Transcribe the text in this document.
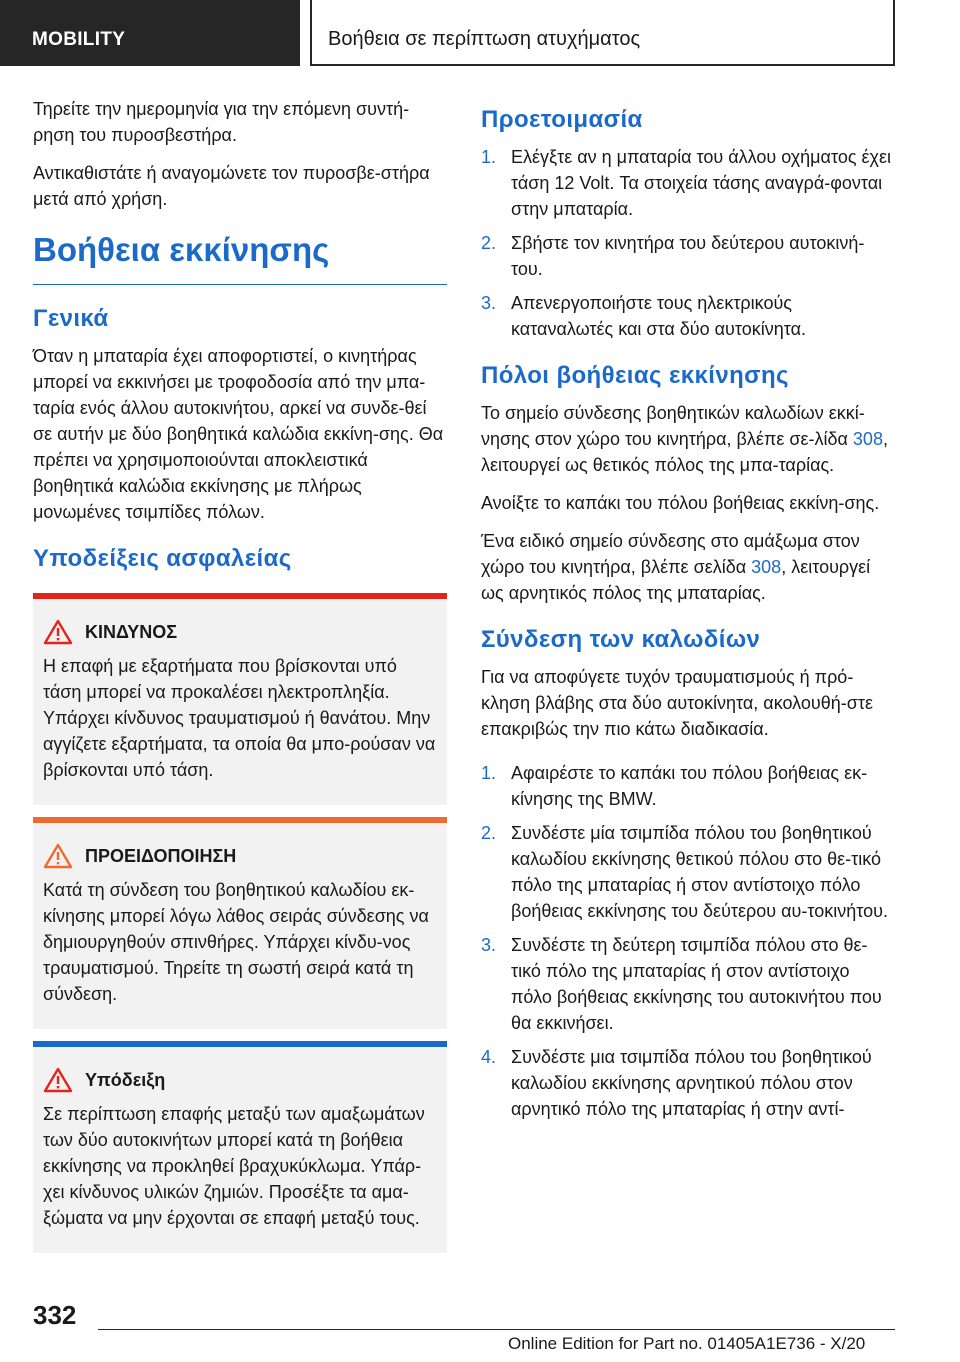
MOBILITY	Βοήθεια σε περίπτωση ατυχήματος

Τηρείτε την ημερομηνία για την επόμενη συντή-ρηση του πυροσβεστήρα.

Αντικαθιστάτε ή αναγομώνετε τον πυροσβε-στήρα μετά από χρήση.

Βοήθεια εκκίνησης
Γενικά

Όταν η μπαταρία έχει αποφορτιστεί, ο κινητήρας μπορεί να εκκινήσει με τροφοδοσία από την μπα-ταρία ενός άλλου αυτοκινήτου, αρκεί να συνδε-θεί σε αυτήν με δύο βοηθητικά καλώδια εκκίνη-σης. Θα πρέπει να χρησιμοποιούνται αποκλειστικά βοηθητικά καλώδια εκκίνησης με πλήρως μονωμένες τσιμπίδες πόλων.

Υποδείξεις ασφαλείας
ΚΙΝΔΥΝΟΣ

Η επαφή με εξαρτήματα που βρίσκονται υπό τάση μπορεί να προκαλέσει ηλεκτροπληξία. Υπάρχει κίνδυνος τραυματισμού ή θανάτου. Μην αγγίζετε εξαρτήματα, τα οποία θα μπο-ρούσαν να βρίσκονται υπό τάση.

ΠΡΟΕΙΔΟΠΟΙΗΣΗ

Κατά τη σύνδεση του βοηθητικού καλωδίου εκ-κίνησης μπορεί λόγω λάθος σειράς σύνδεσης να δημιουργηθούν σπινθήρες. Υπάρχει κίνδυ-νος τραυματισμού. Τηρείτε τη σωστή σειρά κατά τη σύνδεση.

Υπόδειξη

Σε περίπτωση επαφής μεταξύ των αμαξωμάτων των δύο αυτοκινήτων μπορεί κατά τη βοήθεια εκκίνησης να προκληθεί βραχυκύκλωμα. Υπάρ-χει κίνδυνος υλικών ζημιών. Προσέξτε τα αμα-ξώματα να μην έρχονται σε επαφή μεταξύ τους.

Προετοιμασία
1. Ελέγξτε αν η μπαταρία του άλλου οχήματος έχει τάση 12 Volt. Τα στοιχεία τάσης αναγρά-φονται στην μπαταρία.
2. Σβήστε τον κινητήρα του δεύτερου αυτοκινή-του.
3. Απενεργοποιήστε τους ηλεκτρικούς καταναλωτές και στα δύο αυτοκίνητα.
Πόλοι βοήθειας εκκίνησης

Το σημείο σύνδεσης βοηθητικών καλωδίων εκκί-νησης στον χώρο του κινητήρα, βλέπε σε-λίδα 308, λειτουργεί ως θετικός πόλος της μπα-ταρίας.

Ανοίξτε το καπάκι του πόλου βοήθειας εκκίνη-σης.

Ένα ειδικό σημείο σύνδεσης στο αμάξωμα στον χώρο του κινητήρα, βλέπε σελίδα 308, λειτουργεί ως αρνητικός πόλος της μπαταρίας.

Σύνδεση των καλωδίων

Για να αποφύγετε τυχόν τραυματισμούς ή πρό-κληση βλάβης στα δύο αυτοκίνητα, ακολουθή-στε επακριβώς την πιο κάτω διαδικασία.

1. Αφαιρέστε το καπάκι του πόλου βοήθειας εκ-κίνησης της BMW.
2. Συνδέστε μία τσιμπίδα πόλου του βοηθητικού καλωδίου εκκίνησης θετικού πόλου στο θε-τικό πόλο της μπαταρίας ή στον αντίστοιχο πόλο βοήθειας εκκίνησης του δεύτερου αυ-τοκινήτου.
3. Συνδέστε τη δεύτερη τσιμπίδα πόλου στο θε-τικό πόλο της μπαταρίας ή στον αντίστοιχο πόλο βοήθειας εκκίνησης του αυτοκινήτου που θα εκκινήσει.
4. Συνδέστε μια τσιμπίδα πόλου του βοηθητικού καλωδίου εκκίνησης αρνητικού πόλου στον αρνητικό πόλο της μπαταρίας ή στην αντί-
332
Online Edition for Part no. 01405A1E736 - X/20
